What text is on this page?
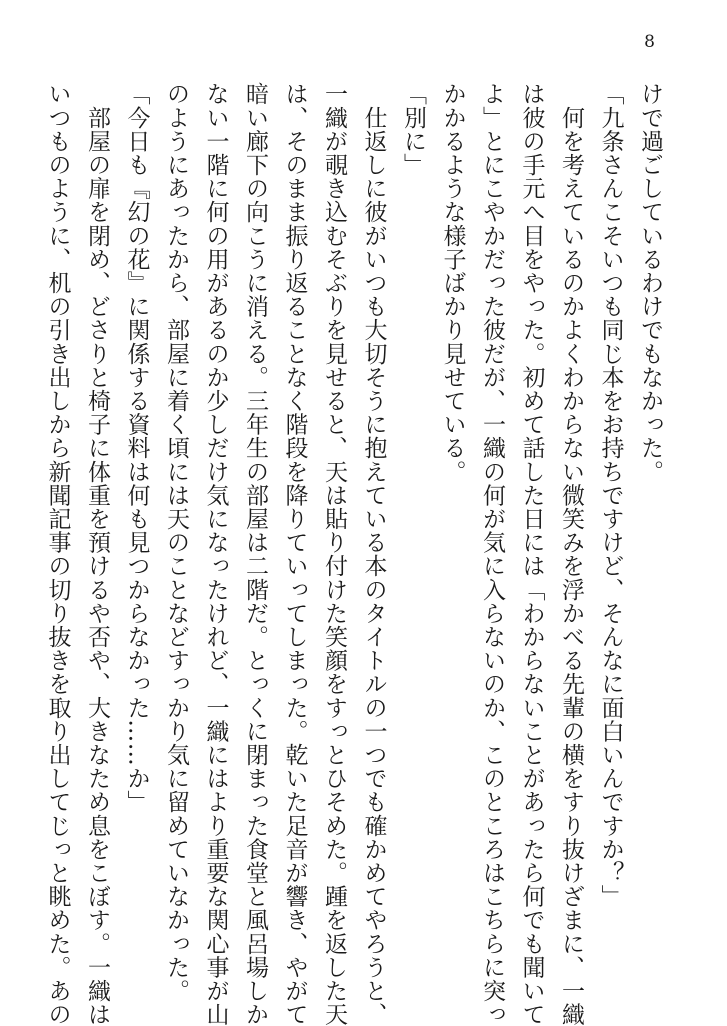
8
けで過ごしているわけでもなかった。
「九条さんこそいつも同じ本をお持ちですけど、そんなに面白いんですか？」
　何を考えているのかよくわからない微笑みを浮かべる先輩の横をすり抜けざまに、一織
は彼の手元へ目をやった。初めて話した日には「わからないことがあったら何でも聞いて
よ」とにこやかだった彼だが、一織の何が気に入らないのか、このところはこちらに突っ
かかるような様子ばかり見せている。
「別に」
　仕返しに彼がいつも大切そうに抱えている本のタイトルの一つでも確かめてやろうと、
一織が覗き込むそぶりを見せると、天は貼り付けた笑顔をすっとひそめた。踵を返した天
は、そのまま振り返ることなく階段を降りていってしまった。乾いた足音が響き、やがて
暗い廊下の向こうに消える。三年生の部屋は二階だ。とっくに閉まった食堂と風呂場しか
ない一階に何の用があるのか少しだけ気になったけれど、一織にはより重要な関心事が山
のようにあったから、部屋に着く頃には天のことなどすっかり気に留めていなかった。
「今日も『幻の花』に関係する資料は何も見つからなかった……か」
　部屋の扉を閉め、どさりと椅子に体重を預けるや否や、大きなため息をこぼす。一織は
いつものように、机の引き出しから新聞記事の切り抜きを取り出してじっと眺めた。あの
